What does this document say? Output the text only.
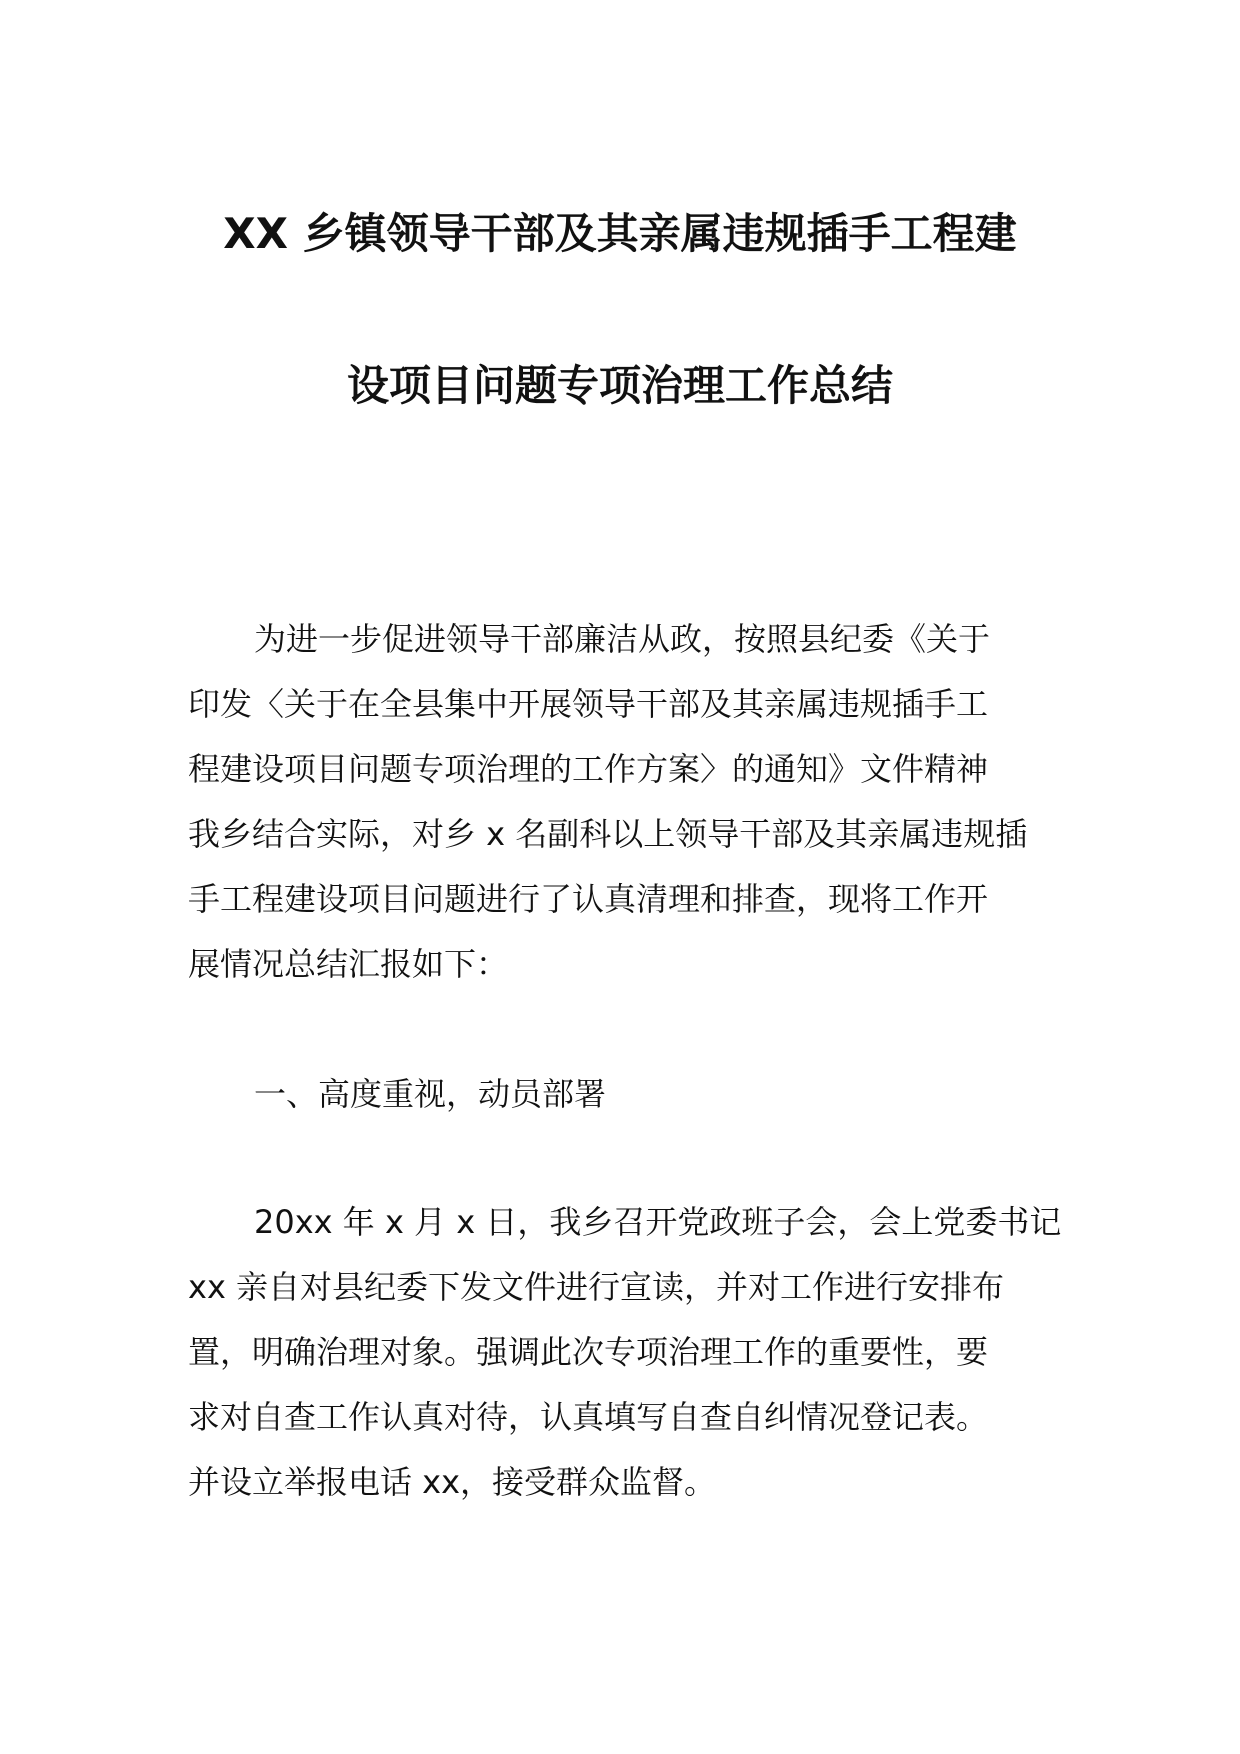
XX 乡镇领导干部及其亲属违规插手工程建
设项目问题专项治理工作总结
为进一步促进领导干部廉洁从政，按照县纪委《关于
印发〈关于在全县集中开展领导干部及其亲属违规插手工
程建设项目问题专项治理的工作方案〉的通知》文件精神
我乡结合实际，对乡 x 名副科以上领导干部及其亲属违规插
手工程建设项目问题进行了认真清理和排查，现将工作开
展情况总结汇报如下：
一、高度重视，动员部署
20xx 年 x 月 x 日，我乡召开党政班子会，会上党委书记
xx 亲自对县纪委下发文件进行宣读，并对工作进行安排布
置，明确治理对象。强调此次专项治理工作的重要性，要
求对自查工作认真对待，认真填写自查自纠情况登记表。
并设立举报电话 xx，接受群众监督。
